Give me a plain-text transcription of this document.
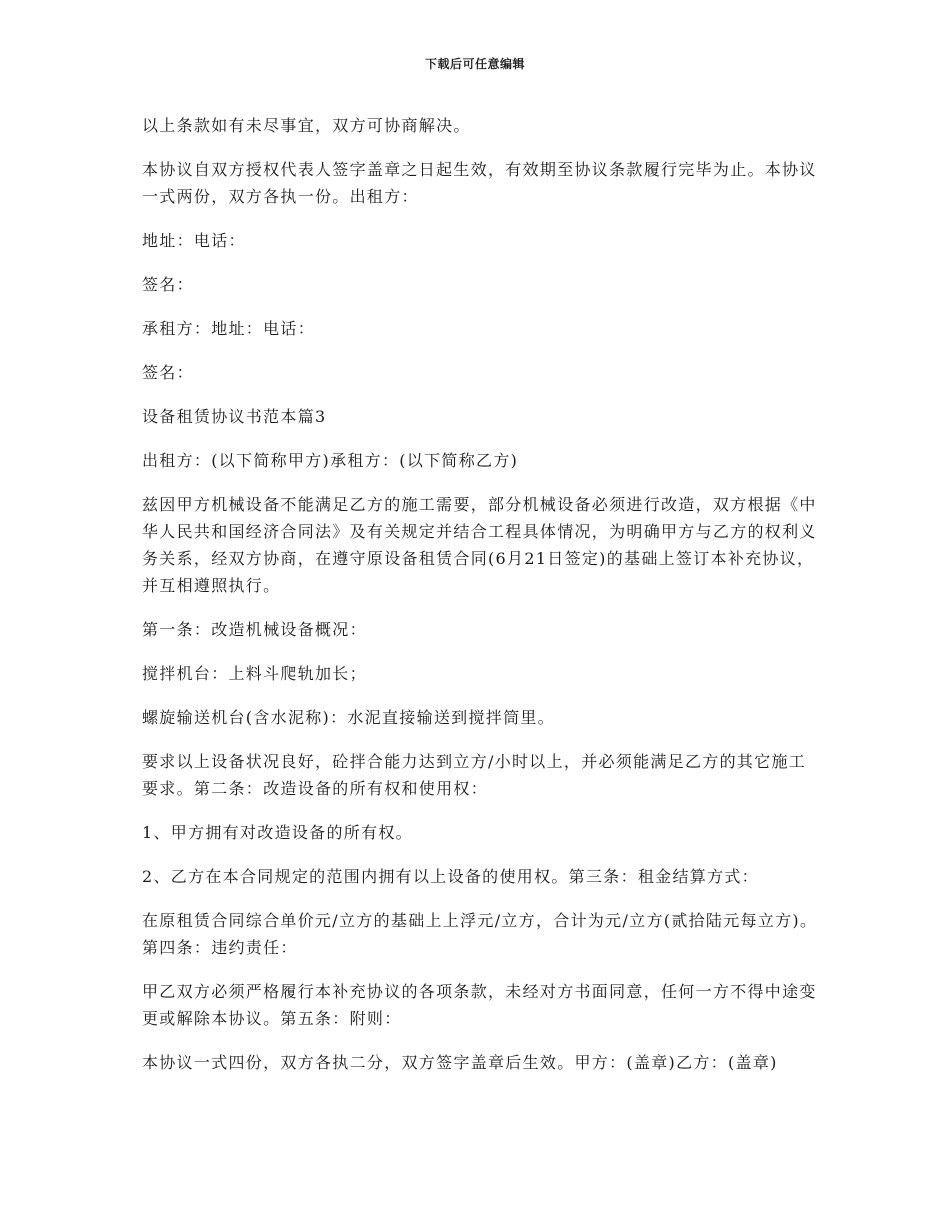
下载后可任意编辑

以上条款如有未尽事宜，双方可协商解决。

本协议自双方授权代表人签字盖章之日起生效，有效期至协议条款履行完毕为止。本协议一式两份，双方各执一份。出租方：

地址：电话：

签名：

承租方：地址：电话：

签名：

设备租赁协议书范本篇3

出租方：(以下简称甲方)承租方：(以下简称乙方)

兹因甲方机械设备不能满足乙方的施工需要，部分机械设备必须进行改造，双方根据《中华人民共和国经济合同法》及有关规定并结合工程具体情况，为明确甲方与乙方的权利义务关系，经双方协商，在遵守原设备租赁合同(6月21日签定)的基础上签订本补充协议，并互相遵照执行。

第一条：改造机械设备概况：

搅拌机台：上料斗爬轨加长；

螺旋输送机台(含水泥称)：水泥直接输送到搅拌筒里。

要求以上设备状况良好，砼拌合能力达到立方/小时以上，并必须能满足乙方的其它施工要求。第二条：改造设备的所有权和使用权：

1、甲方拥有对改造设备的所有权。

2、乙方在本合同规定的范围内拥有以上设备的使用权。第三条：租金结算方式：

在原租赁合同综合单价元/立方的基础上上浮元/立方，合计为元/立方(贰拾陆元每立方)。第四条：违约责任：

甲乙双方必须严格履行本补充协议的各项条款，未经对方书面同意，任何一方不得中途变更或解除本协议。第五条：附则：

本协议一式四份，双方各执二分，双方签字盖章后生效。甲方：(盖章)乙方：(盖章)
